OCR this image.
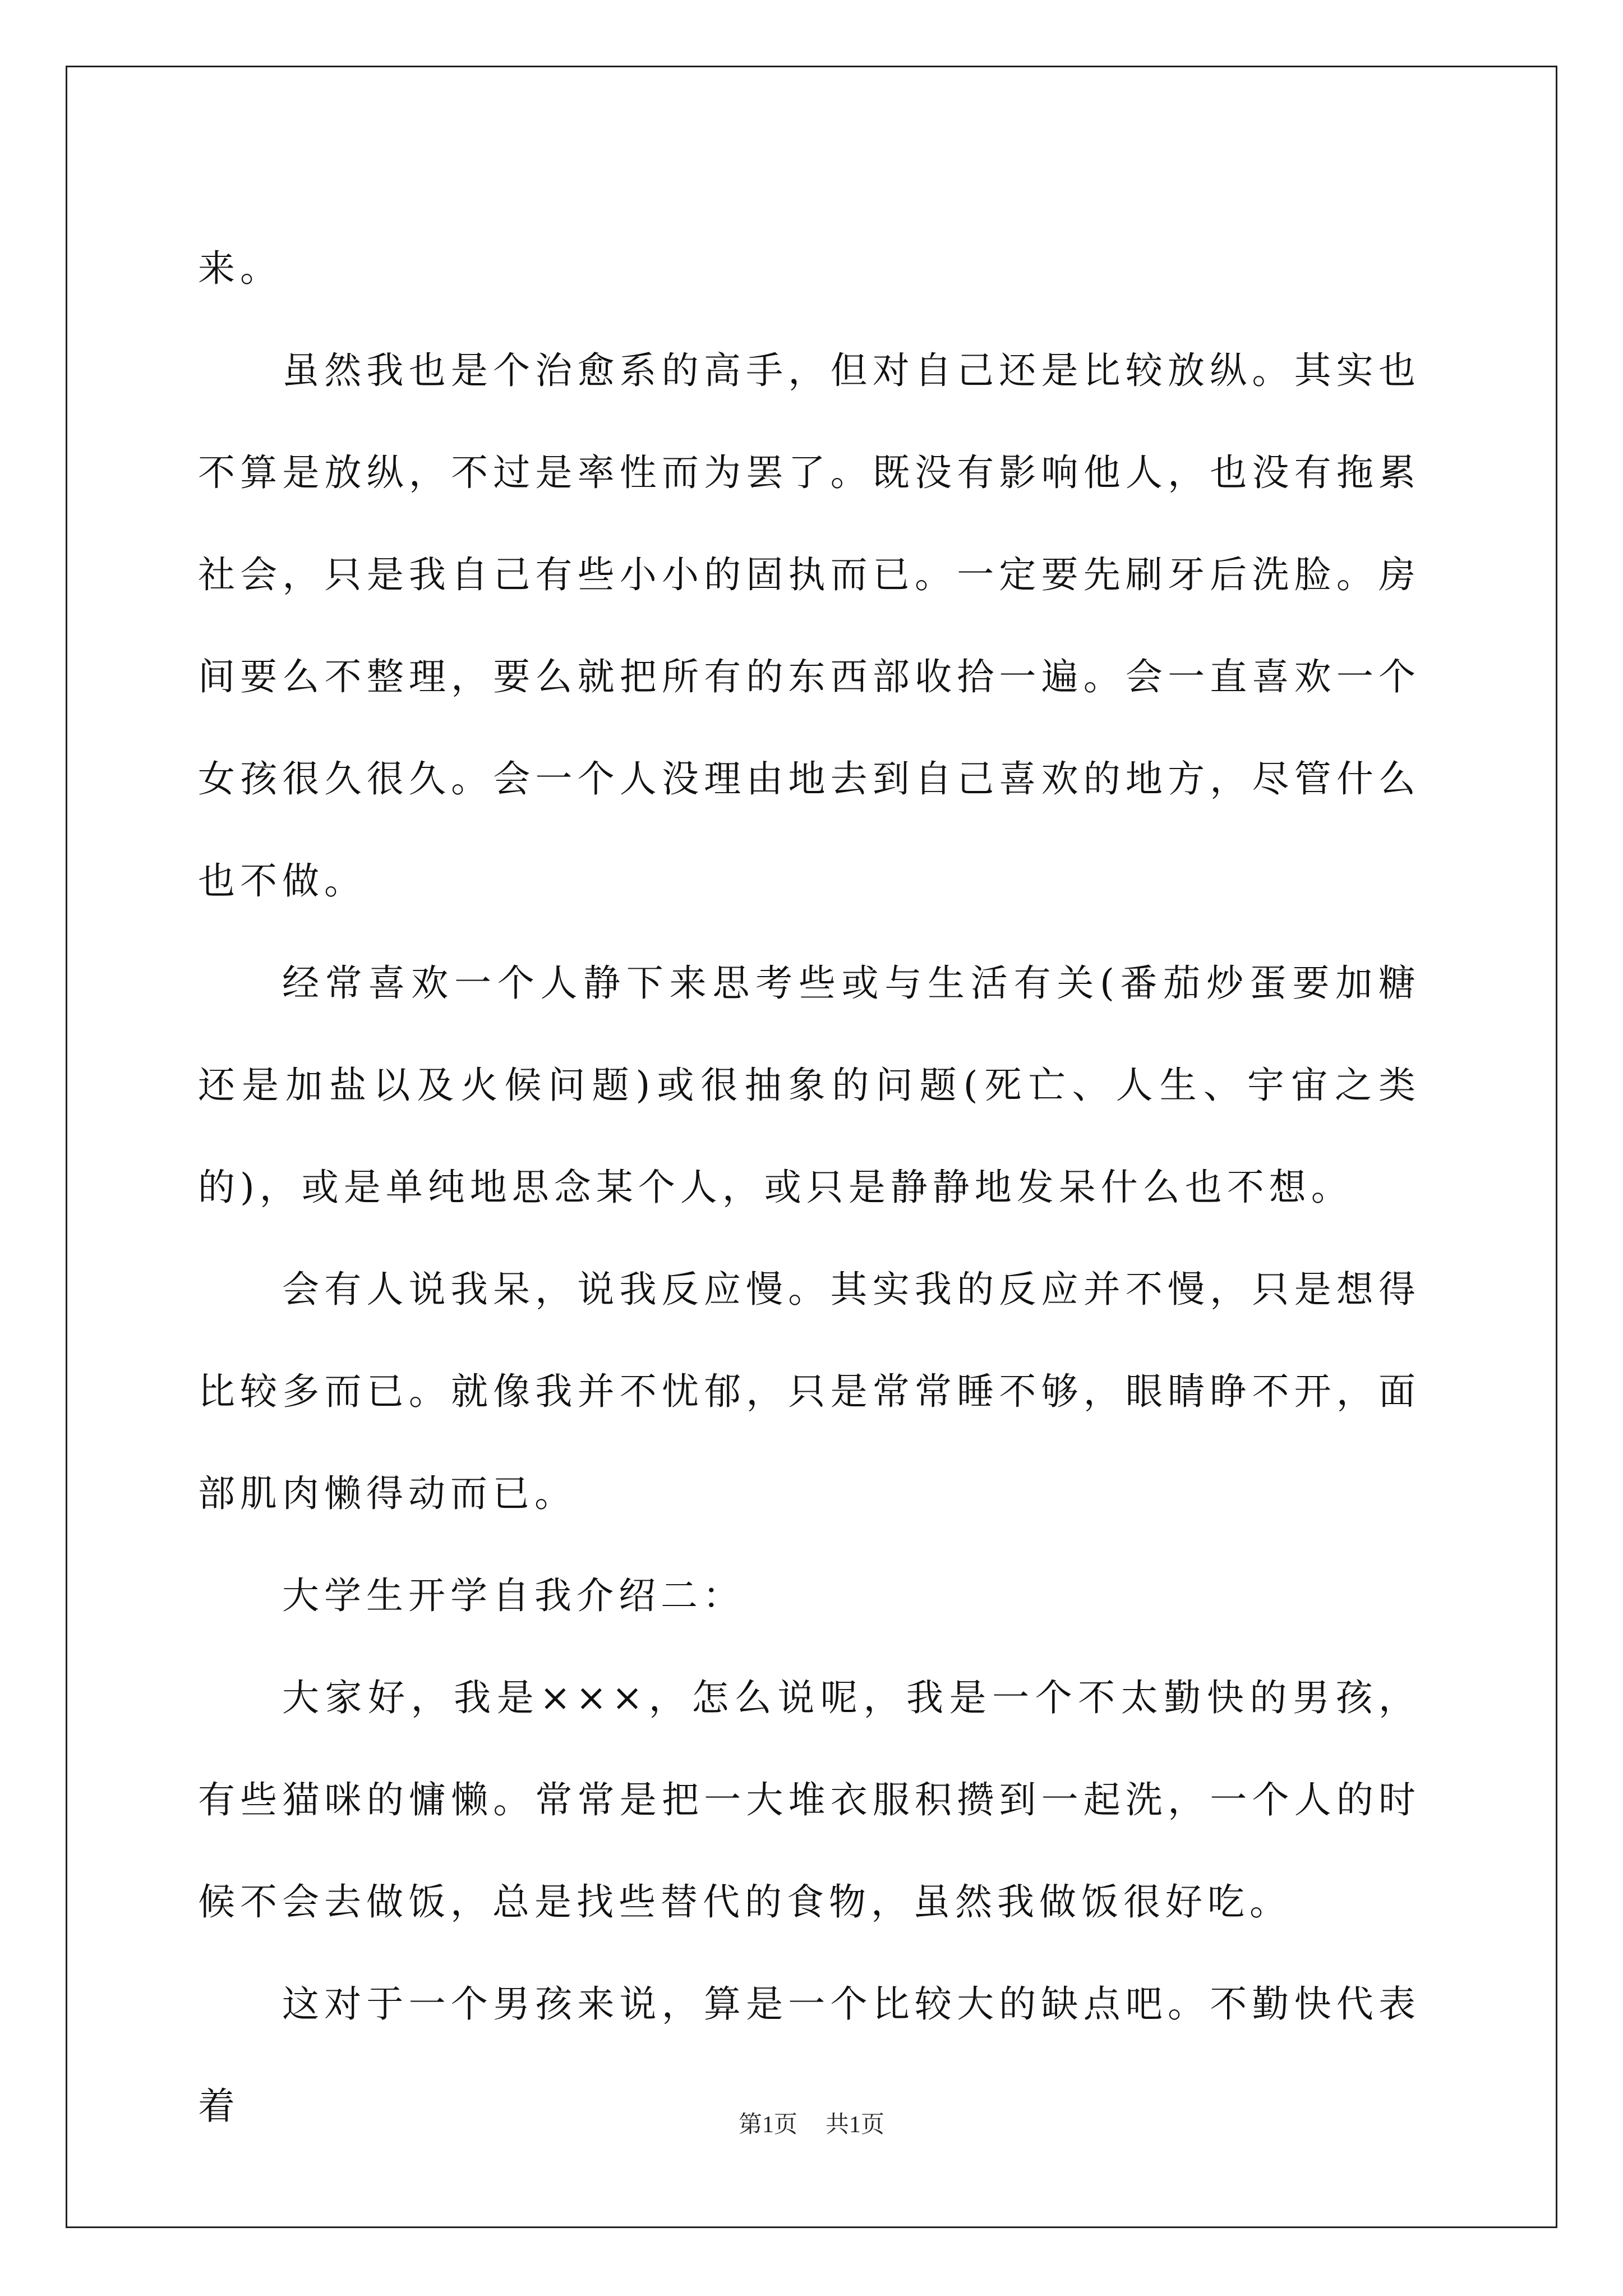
来。

虽然我也是个治愈系的高手，但对自己还是比较放纵。其实也不算是放纵，不过是率性而为罢了。既没有影响他人，也没有拖累社会，只是我自己有些小小的固执而已。一定要先刷牙后洗脸。房间要么不整理，要么就把所有的东西部收拾一遍。会一直喜欢一个女孩很久很久。会一个人没理由地去到自己喜欢的地方，尽管什么也不做。

经常喜欢一个人静下来思考些或与生活有关(番茄炒蛋要加糖还是加盐以及火候问题)或很抽象的问题(死亡、人生、宇宙之类的)，或是单纯地思念某个人，或只是静静地发呆什么也不想。

会有人说我呆，说我反应慢。其实我的反应并不慢，只是想得比较多而已。就像我并不忧郁，只是常常睡不够，眼睛睁不开，面部肌肉懒得动而已。

大学生开学自我介绍二：

大家好，我是×××，怎么说呢，我是一个不太勤快的男孩，有些猫咪的慵懒。常常是把一大堆衣服积攒到一起洗，一个人的时候不会去做饭，总是找些替代的食物，虽然我做饭很好吃。

这对于一个男孩来说，算是一个比较大的缺点吧。不勤快代表着	第1页 共1页
